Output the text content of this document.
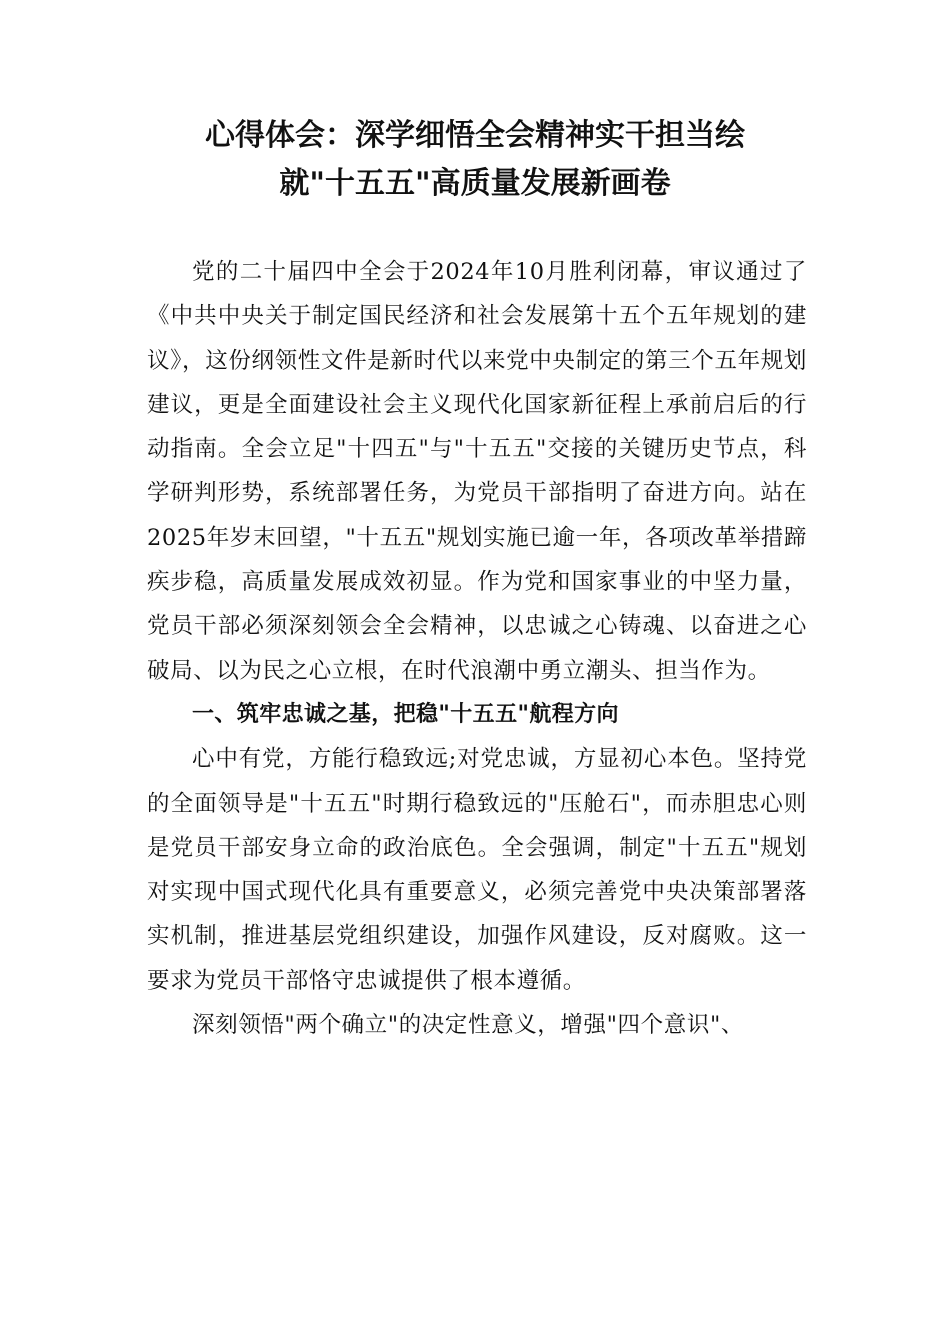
心得体会：深学细悟全会精神实干担当绘
就"十五五"高质量发展新画卷

党的二十届四中全会于2024年10月胜利闭幕，审议通过了《中共中央关于制定国民经济和社会发展第十五个五年规划的建议》，这份纲领性文件是新时代以来党中央制定的第三个五年规划建议，更是全面建设社会主义现代化国家新征程上承前启后的行动指南。全会立足"十四五"与"十五五"交接的关键历史节点，科学研判形势，系统部署任务，为党员干部指明了奋进方向。站在2025年岁末回望，"十五五"规划实施已逾一年，各项改革举措蹄疾步稳，高质量发展成效初显。作为党和国家事业的中坚力量，党员干部必须深刻领会全会精神，以忠诚之心铸魂、以奋进之心破局、以为民之心立根，在时代浪潮中勇立潮头、担当作为。

一、筑牢忠诚之基，把稳"十五五"航程方向

心中有党，方能行稳致远;对党忠诚，方显初心本色。坚持党的全面领导是"十五五"时期行稳致远的"压舱石"，而赤胆忠心则是党员干部安身立命的政治底色。全会强调，制定"十五五"规划对实现中国式现代化具有重要意义，必须完善党中央决策部署落实机制，推进基层党组织建设，加强作风建设，反对腐败。这一要求为党员干部恪守忠诚提供了根本遵循。

深刻领悟"两个确立"的决定性意义，增强"四个意识"、
